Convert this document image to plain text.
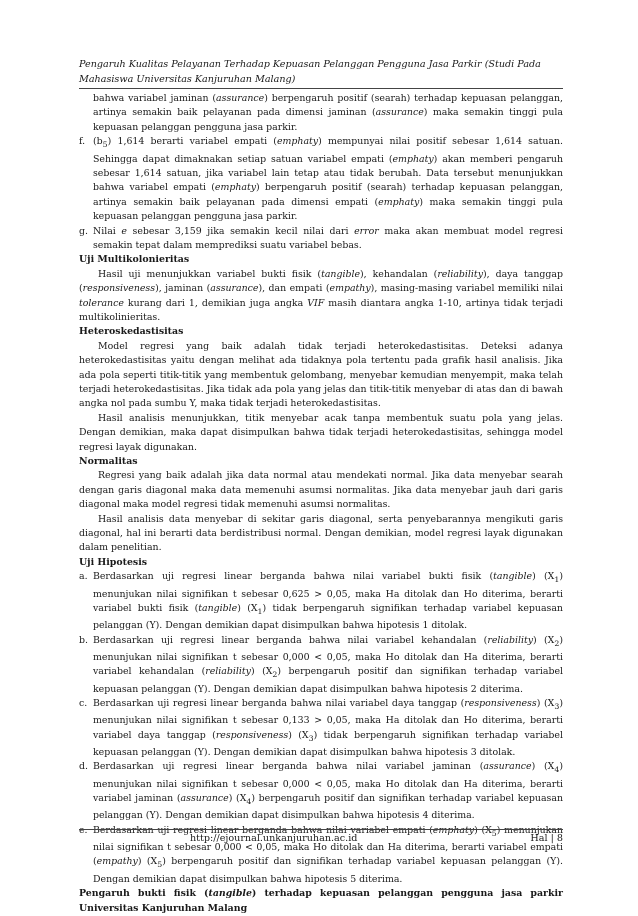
Pengaruh Kualitas Pelayanan Terhadap Kepuasan Pelanggan Pengguna Jasa Parkir (Studi Pada Mahasiswa Universitas Kanjuruhan Malang)

bahwa variabel jaminan (assurance) berpengaruh positif (searah) terhadap kepuasan pelanggan, artinya semakin baik pelayanan pada dimensi jaminan (assurance) maka semakin tinggi pula kepuasan pelanggan pengguna jasa parkir.

f. $(b_5)$ 1,614 berarti variabel empati (emphaty) mempunyai nilai positif sebesar 1,614 satuan. Sehingga dapat dimaknakan setiap satuan variabel empati (emphaty) akan memberi pengaruh sebesar 1,614 satuan, jika variabel lain tetap atau tidak berubah. Data tersebut menunjukkan bahwa variabel empati (emphaty) berpengaruh positif (searah) terhadap kepuasan pelanggan, artinya semakin baik pelayanan pada dimensi empati (emphaty) maka semakin tinggi pula kepuasan pelanggan pengguna jasa parkir.
g. Nilai e sebesar 3,159 jika semakin kecil nilai dari error maka akan membuat model regresi semakin tepat dalam memprediksi suatu variabel bebas.

Uji Multikolonieritas

Hasil uji menunjukkan variabel bukti fisik (tangible), kehandalan (reliability), daya tanggap (responsiveness), jaminan (assurance), dan empati (empathy), masing-masing variabel memiliki nilai tolerance kurang dari 1, demikian juga angka VIF masih diantara angka 1-10, artinya tidak terjadi multikolinieritas.

Heteroskedastisitas

Model regresi yang baik adalah tidak terjadi heterokedastisitas. Deteksi adanya heterokedastisitas yaitu dengan melihat ada tidaknya pola tertentu pada grafik hasil analisis. Jika ada pola seperti titik-titik yang membentuk gelombang, menyebar kemudian menyempit, maka telah terjadi heterokedastisitas. Jika tidak ada pola yang jelas dan titik-titik menyebar di atas dan di bawah angka nol pada sumbu Y, maka tidak terjadi heterokedastisitas.

Hasil analisis menunjukkan, titik menyebar acak tanpa membentuk suatu pola yang jelas. Dengan demikian, maka dapat disimpulkan bahwa tidak terjadi heterokedastisitas, sehingga model regresi layak digunakan.

Normalitas

Regresi yang baik adalah jika data normal atau mendekati normal. Jika data menyebar searah dengan garis diagonal maka data memenuhi asumsi normalitas. Jika data menyebar jauh dari garis diagonal maka model regresi tidak memenuhi asumsi normalitas.

Hasil analisis data menyebar di sekitar garis diagonal, serta penyebarannya mengikuti garis diagonal, hal ini berarti data berdistribusi normal. Dengan demikian, model regresi layak digunakan dalam penelitian.

Uji Hipotesis

a. Berdasarkan uji regresi linear berganda bahwa nilai variabel bukti fisik (tangible) $(X_1)$ menunjukan nilai signifikan t sebesar 0,625 > 0,05, maka Ha ditolak dan Ho diterima, berarti variabel bukti fisik (tangible) $(X_1)$ tidak berpengaruh signifikan terhadap variabel kepuasan pelanggan (Y). Dengan demikian dapat disimpulkan bahwa hipotesis 1 ditolak.
b. Berdasarkan uji regresi linear berganda bahwa nilai variabel kehandalan (reliability) $(X_2)$ menunjukan nilai signifikan t sebesar 0,000 < 0,05, maka Ho ditolak dan Ha diterima, berarti variabel kehandalan (reliability) $(X_2)$ berpengaruh positif dan signifikan terhadap variabel kepuasan pelanggan (Y). Dengan demikian dapat disimpulkan bahwa hipotesis 2 diterima.
c. Berdasarkan uji regresi linear berganda bahwa nilai variabel daya tanggap (responsiveness) $(X_3)$ menunjukan nilai signifikan t sebesar 0,133 > 0,05, maka Ha ditolak dan Ho diterima, berarti variabel daya tanggap (responsiveness) $(X_3)$ tidak berpengaruh signifikan terhadap variabel kepuasan pelanggan (Y). Dengan demikian dapat disimpulkan bahwa hipotesis 3 ditolak.
d. Berdasarkan uji regresi linear berganda bahwa nilai variabel jaminan (assurance) $(X_4)$ menunjukan nilai signifikan t sebesar 0,000 < 0,05, maka Ho ditolak dan Ha diterima, berarti variabel jaminan (assurance) $(X_4)$ berpengaruh positif dan signifikan terhadap variabel kepuasan pelanggan (Y). Dengan demikian dapat disimpulkan bahwa hipotesis 4 diterima.
e. Berdasarkan uji regresi linear berganda bahwa nilai variabel empati (emphaty) $(X_5)$ menunjukan nilai signifikan t sebesar 0,000 < 0,05, maka Ho ditolak dan Ha diterima, berarti variabel empati (empathy) $(X_5)$ berpengaruh positif dan signifikan terhadap variabel kepuasan pelanggan (Y). Dengan demikian dapat disimpulkan bahwa hipotesis 5 diterima.

Pengaruh bukti fisik (tangible) terhadap kepuasan pelanggan pengguna jasa parkir Universitas Kanjuruhan Malang

http://ejournal.unkanjuruhan.ac.id	Hal | 8
